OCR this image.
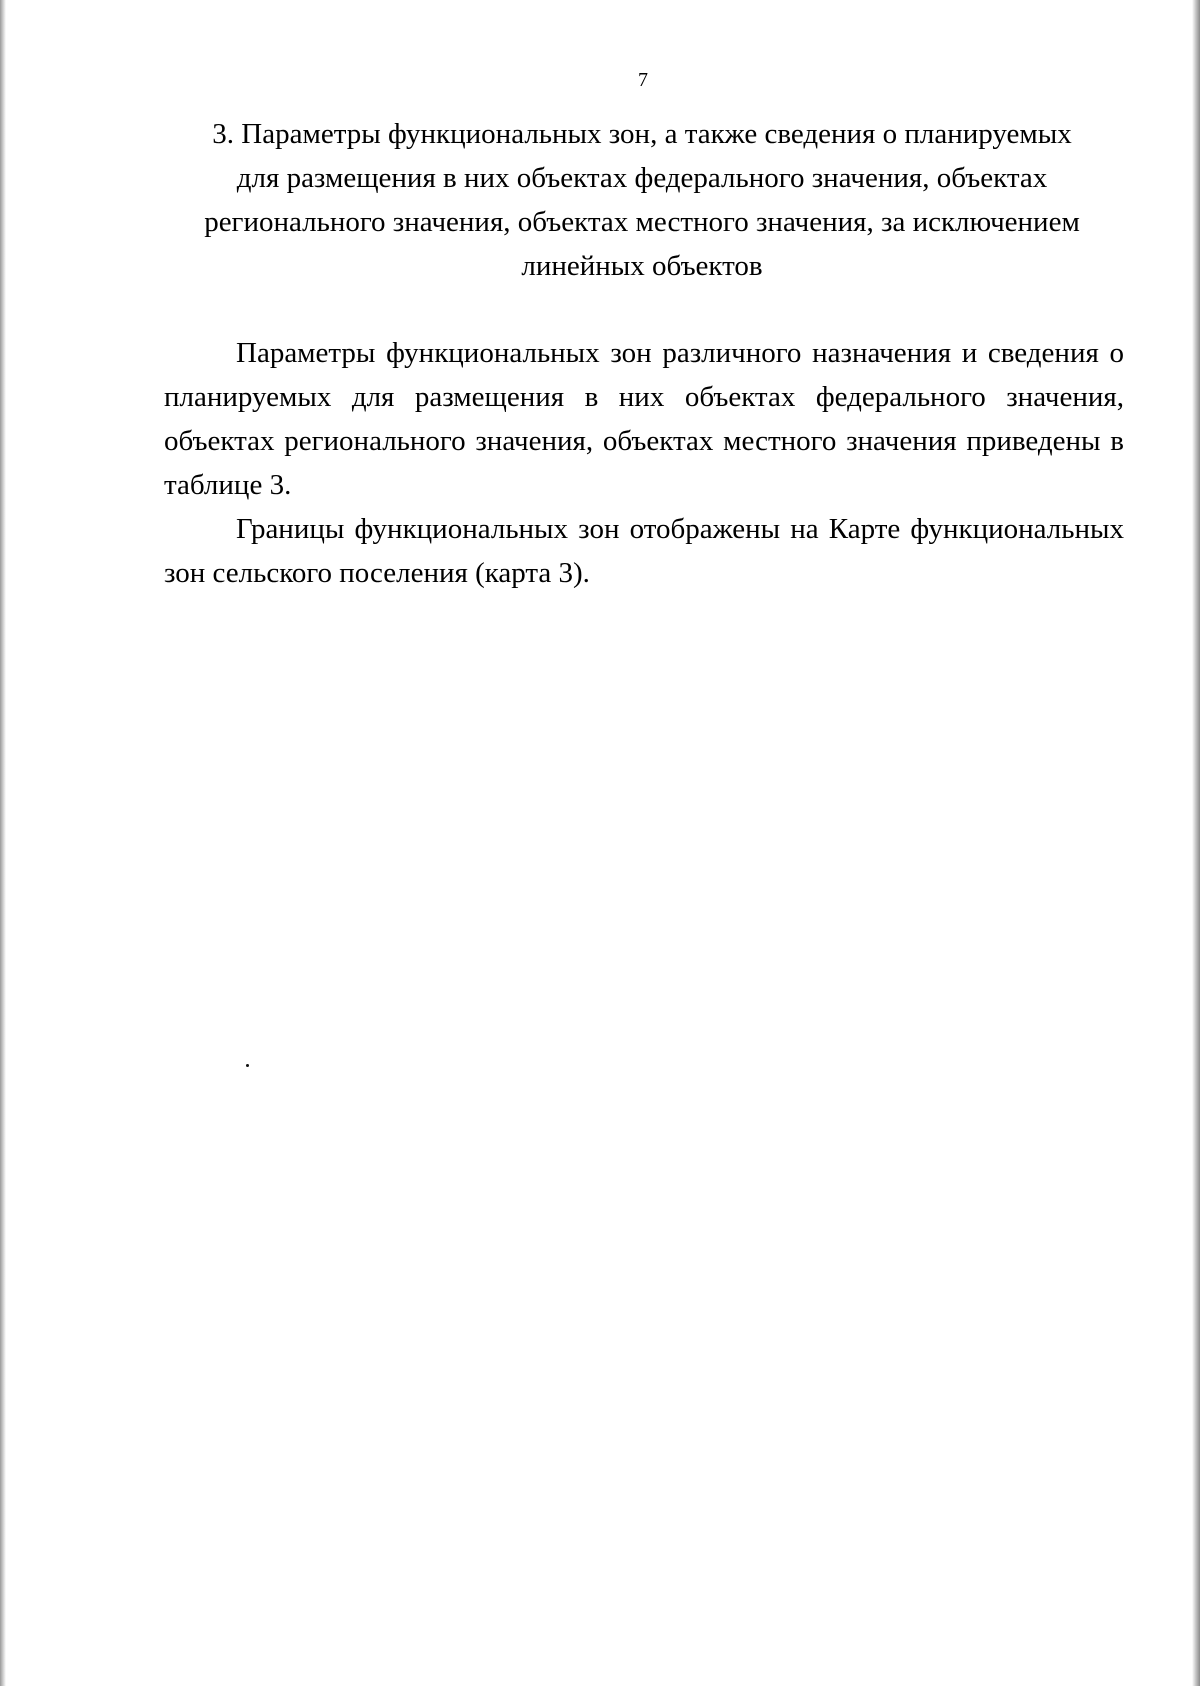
7
3. Параметры функциональных зон, а также сведения о планируемых
для размещения в них объектах федерального значения, объектах
регионального значения, объектах местного значения, за исключением
линейных объектов

Параметры функциональных зон различного назначения и сведения о планируемых для размещения в них объектах федерального значения, объектах регионального значения, объектах местного значения приведены в таблице 3.

Границы функциональных зон отображены на Карте функциональных зон сельского поселения (карта 3).
